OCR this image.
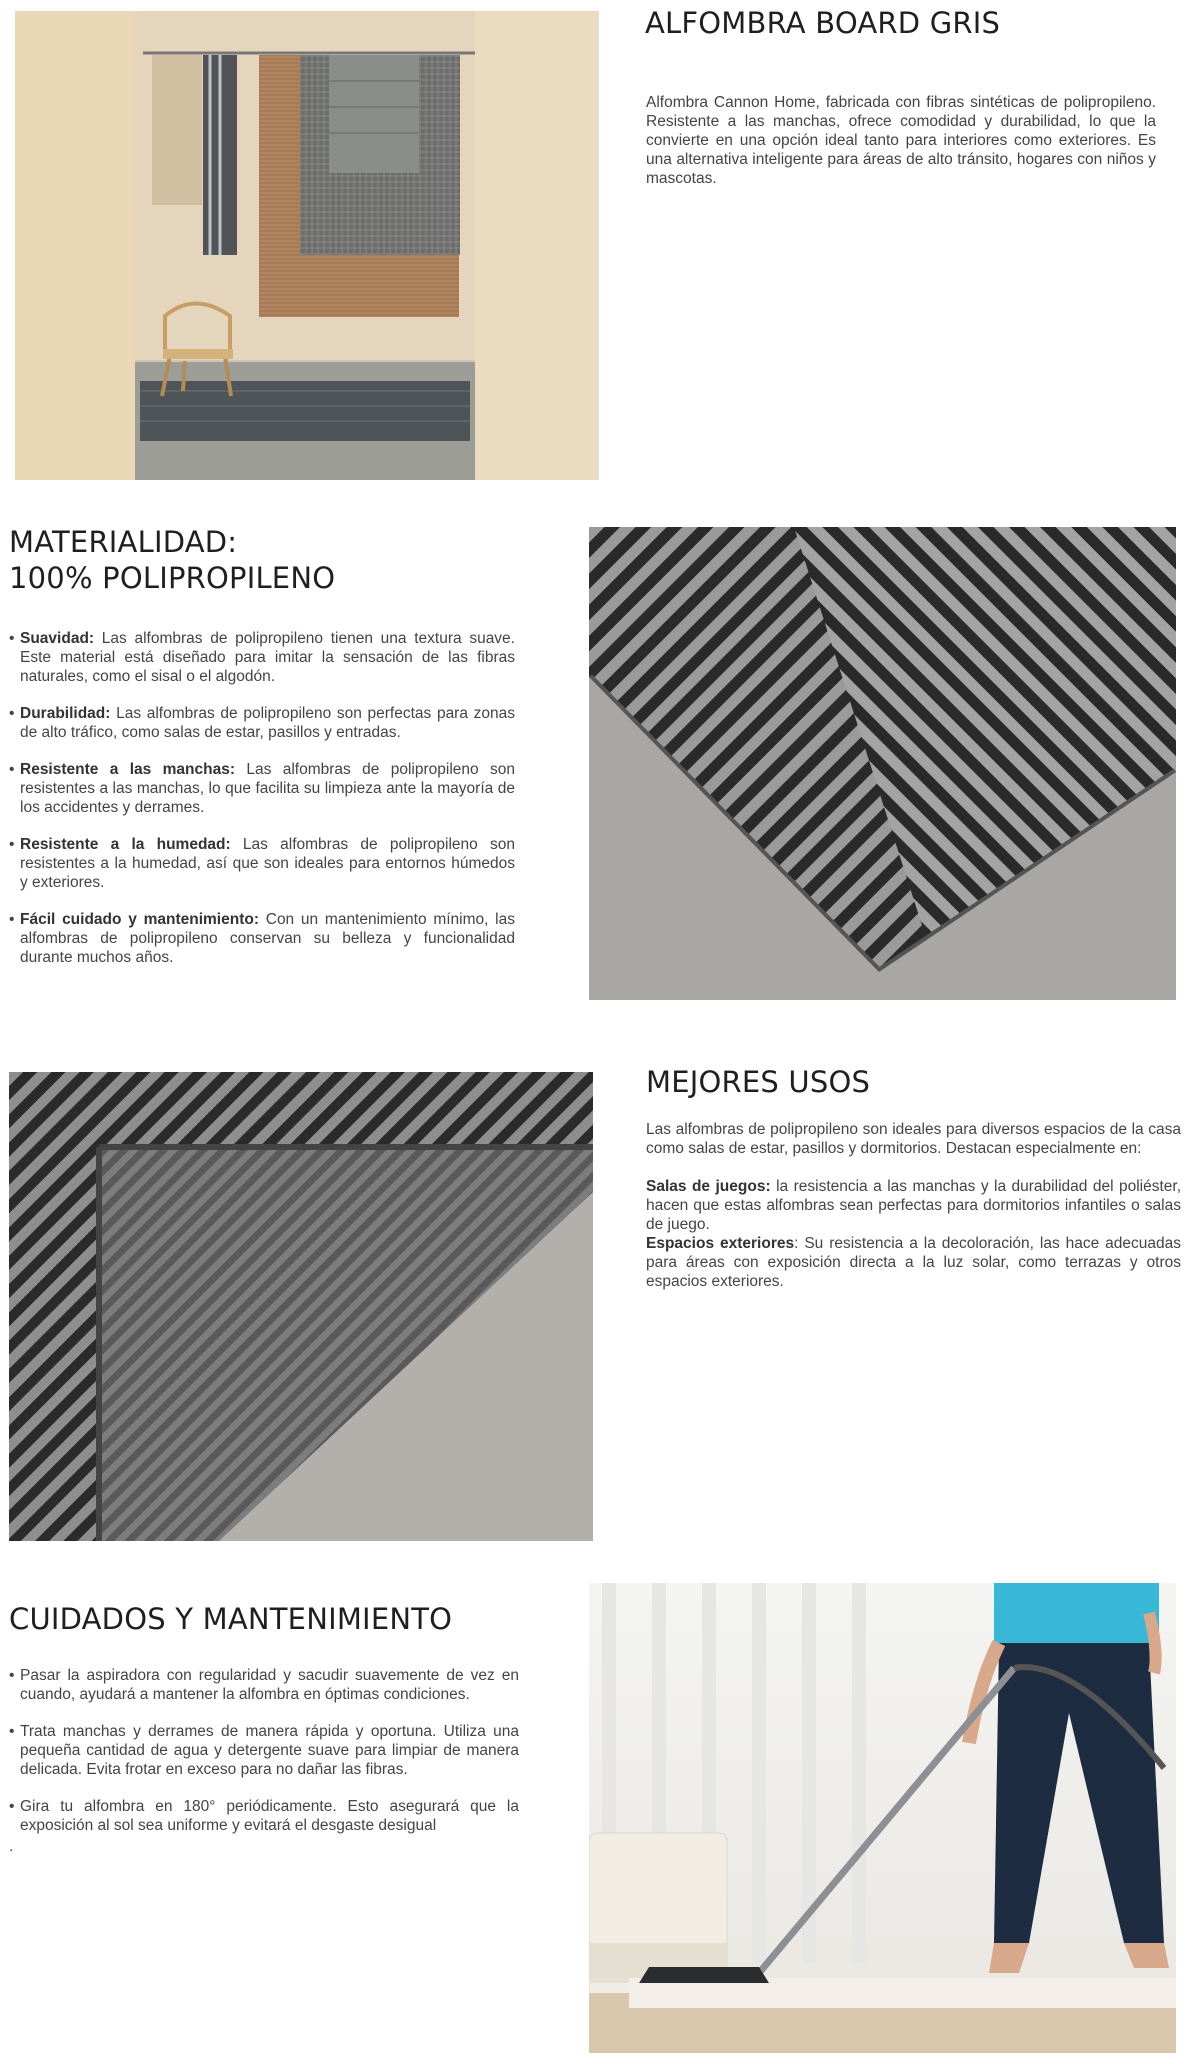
ALFOMBRA BOARD GRIS

Alfombra Cannon Home, fabricada con fibras sintéticas de polipropileno. Resistente a las manchas, ofrece comodidad y durabilidad, lo que la convierte en una opción ideal tanto para interiores como exteriores. Es una alternativa inteligente para áreas de alto tránsito, hogares con niños y mascotas.

MATERIALIDAD:
100% POLIPROPILENO
• Suavidad: Las alfombras de polipropileno tienen una textura suave. Este material está diseñado para imitar la sensación de las fibras naturales, como el sisal o el algodón.
• Durabilidad: Las alfombras de polipropileno son perfectas para zonas de alto tráfico, como salas de estar, pasillos y entradas.
• Resistente a las manchas: Las alfombras de polipropileno son resistentes a las manchas, lo que facilita su limpieza ante la mayoría de los accidentes y derrames.
• Resistente a la humedad: Las alfombras de polipropileno son resistentes a la humedad, así que son ideales para entornos húmedos y exteriores.
• Fácil cuidado y mantenimiento: Con un mantenimiento mínimo, las alfombras de polipropileno conservan su belleza y funcionalidad durante muchos años.
MEJORES USOS

Las alfombras de polipropileno son ideales para diversos espacios de la casa como salas de estar, pasillos y dormitorios. Destacan especialmente en:

Salas de juegos: la resistencia a las manchas y la durabilidad del poliéster, hacen que estas alfombras sean perfectas para dormitorios infantiles o salas de juego.

Espacios exteriores: Su resistencia a la decoloración, las hace adecuadas para áreas con exposición directa a la luz solar, como terrazas y otros espacios exteriores.

CUIDADOS Y MANTENIMIENTO
• Pasar la aspiradora con regularidad y sacudir suavemente de vez en cuando, ayudará a mantener la alfombra en óptimas condiciones.
• Trata manchas y derrames de manera rápida y oportuna. Utiliza una pequeña cantidad de agua y detergente suave para limpiar de manera delicada. Evita frotar en exceso para no dañar las fibras.
• Gira tu alfombra en 180° periódicamente. Esto asegurará que la exposición al sol sea uniforme y evitará el desgaste desigual
.
